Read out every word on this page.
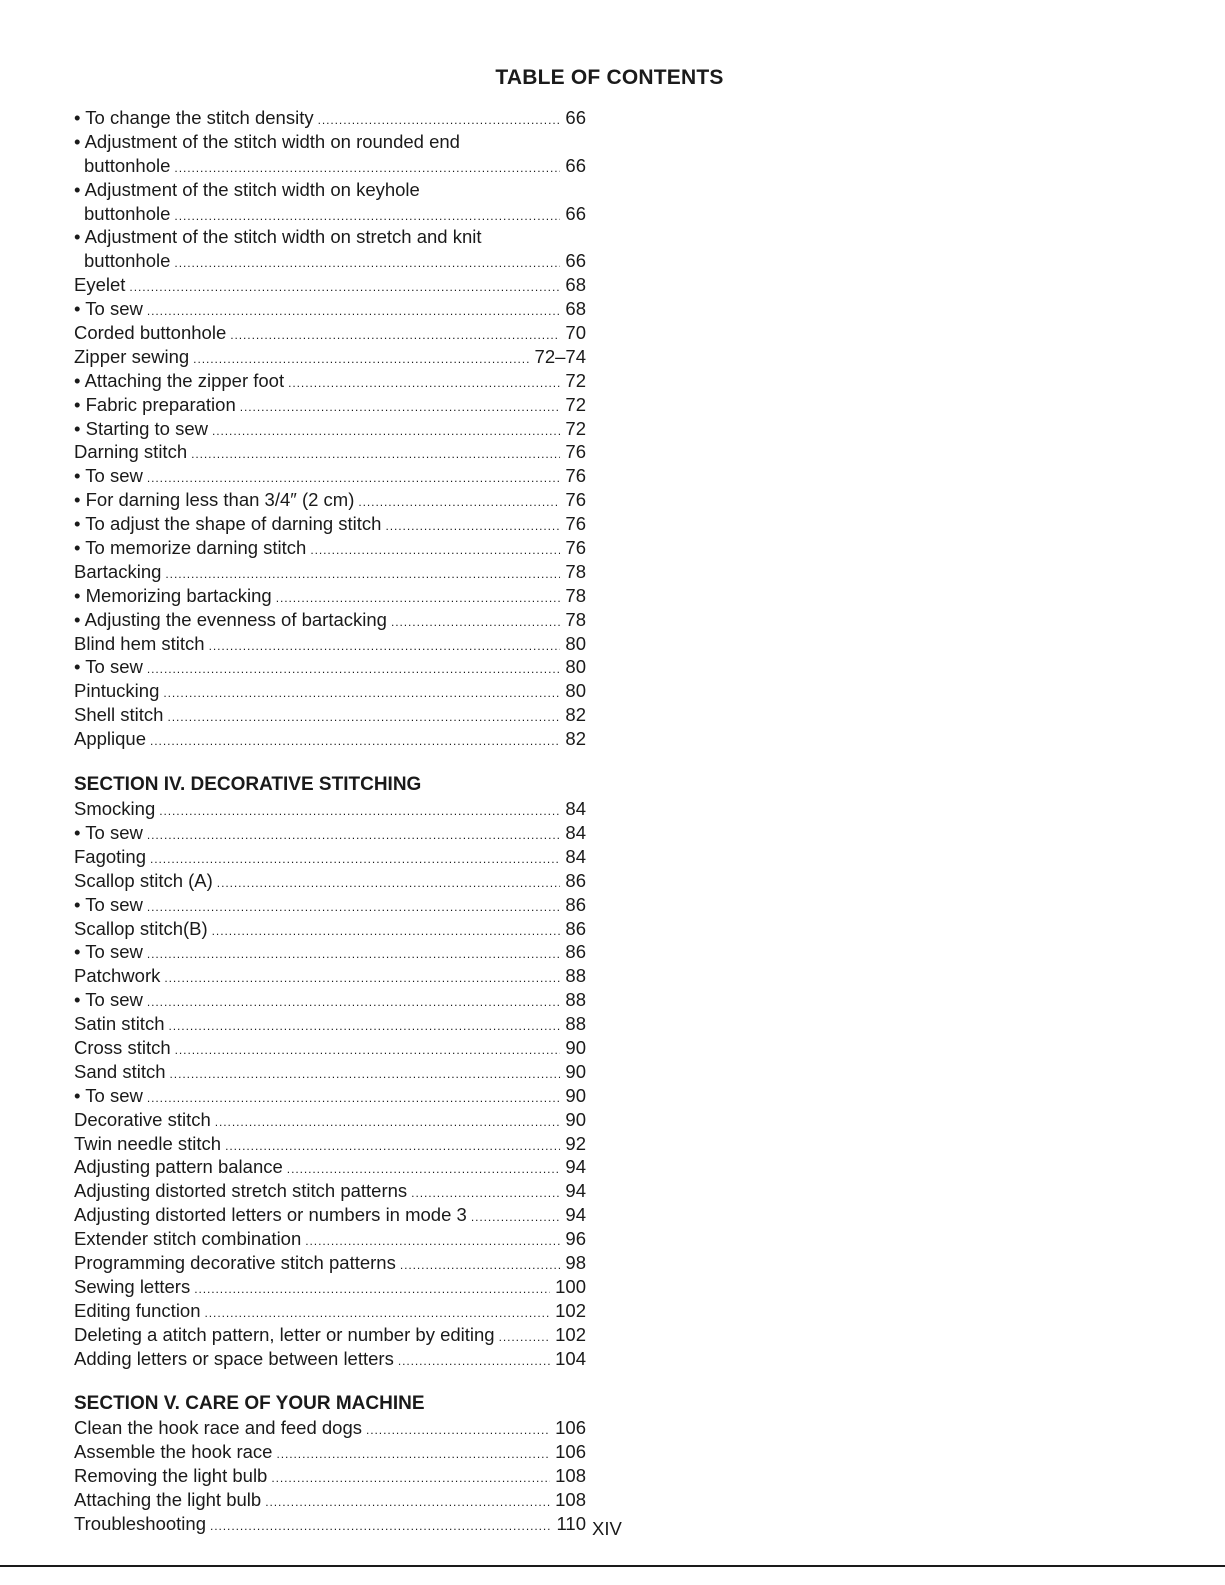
TABLE OF CONTENTS
• To change the stitch density . . .	66
• Adjustment of the stitch width on rounded end
buttonhole . . .	66
• Adjustment of the stitch width on keyhole
buttonhole . . .	66
• Adjustment of the stitch width on stretch and knit
buttonhole . . .	66
Eyelet . . .	68
• To sew . . .	68
Corded buttonhole . . .	70
Zipper sewing . . .	72–74
• Attaching the zipper foot . . .	72
• Fabric preparation . . .	72
• Starting to sew . . .	72
Darning stitch . . .	76
• To sew . . .	76
• For darning less than 3/4″ (2 cm) . . .	76
• To adjust the shape of darning stitch . . .	76
• To memorize darning stitch . . .	76
Bartacking . . .	78
• Memorizing bartacking . . .	78
• Adjusting the evenness of bartacking . . .	78
Blind hem stitch . . .	80
• To sew . . .	80
Pintucking . . .	80
Shell stitch . . .	82
Applique . . .	82
SECTION IV. DECORATIVE STITCHING
Smocking . . .	84
• To sew . . .	84
Fagoting . . .	84
Scallop stitch (A) . . .	86
• To sew . . .	86
Scallop stitch(B) . . .	86
• To sew . . .	86
Patchwork . . .	88
• To sew . . .	88
Satin stitch . . .	88
Cross stitch . . .	90
Sand stitch . . .	90
• To sew . . .	90
Decorative stitch . . .	90
Twin needle stitch . . .	92
Adjusting pattern balance . . .	94
Adjusting distorted stretch stitch patterns . . .	94
Adjusting distorted letters or numbers in mode 3 . . .	94
Extender stitch combination . . .	96
Programming decorative stitch patterns . . .	98
Sewing letters . . .	100
Editing function . . .	102
Deleting a atitch pattern, letter or number by editing . . .	102
Adding letters or space between letters . . .	104
SECTION V. CARE OF YOUR MACHINE
Clean the hook race and feed dogs . . .	106
Assemble the hook race . . .	106
Removing the light bulb . . .	108
Attaching the light bulb . . .	108
Troubleshooting . . .	110 XIV
